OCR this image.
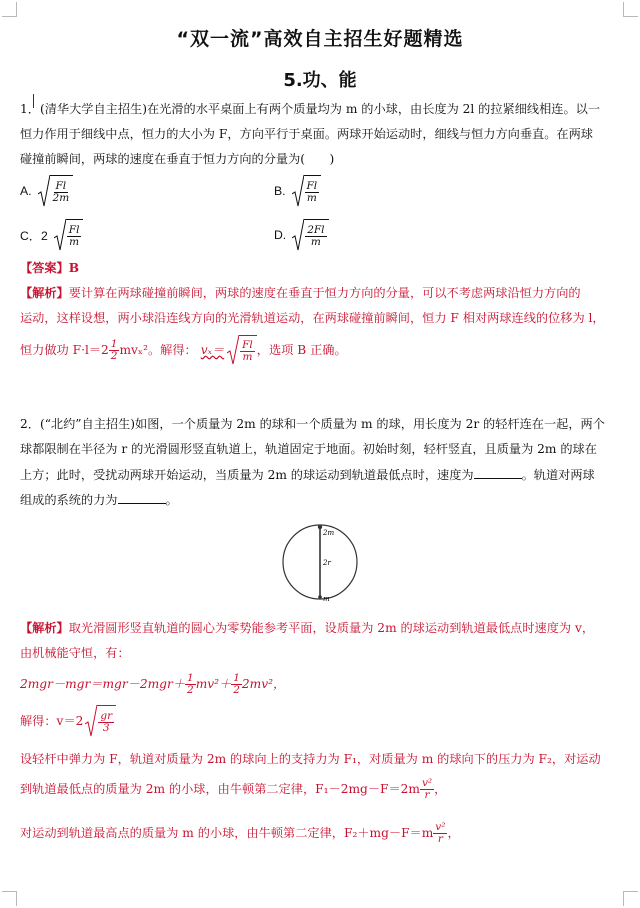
“双一流”高效自主招生好题精选
5.功、能
1．(清华大学自主招生)在光滑的水平桌面上有两个质量均为 m 的小球，由长度为 2l 的拉紧细线相连。以一
恒力作用于细线中点，恒力的大小为 F，方向平行于桌面。两球开始运动时，细线与恒力方向垂直。在两球
碰撞前瞬间，两球的速度在垂直于恒力方向的分量为(　　)
A. $\frac{Fl}{2m}$	B. $\frac{Fl}{m}$
C．$2 \frac{Fl}{m}$	D. $\frac{2Fl}{m}$
【答案】B
【解析】要计算在两球碰撞前瞬间，两球的速度在垂直于恒力方向的分量，可以不考虑两球沿恒力方向的
运动，这样设想，两小球沿连线方向的光滑轨道运动，在两球碰撞前瞬间，恒力 F 相对两球连线的位移为 l，
恒力做功 $F\cdot l=2 \frac{1}{2} mv_x^2$。解得： $v_x= \frac{Fl}{m}$ ，选项 B 正确。
2．(“北约”自主招生)如图，一个质量为 2m 的球和一个质量为 m 的球，用长度为 2r 的轻杆连在一起，两个
球都限制在半径为 r 的光滑圆形竖直轨道上，轨道固定于地面。初始时刻，轻杆竖直，且质量为 2m 的球在
上方；此时，受扰动两球开始运动，当质量为 2m 的球运动到轨道最低点时，速度为	。轨道对两球
组成的系统的力为	。
2m
2r
m
【解析】取光滑圆形竖直轨道的圆心为零势能参考平面，设质量为 2m 的球运动到轨道最低点时速度为 v，
由机械能守恒，有：
$2mgr-mgr=mgr-2mgr+ \frac{1}{2} mv^2+ \frac{1}{2} 2mv^2$，
解得：$v=2 \frac{gr}{3}$
设轻杆中弹力为 F，轨道对质量为 2m 的球向上的支持力为 F₁，对质量为 m 的球向下的压力为 F₂，对运动
到轨道最低点的质量为 2m 的小球，由牛顿第二定律，$F_1-2mg-F=2m \frac{\text{v²}}{r}$ ，
对运动到轨道最高点的质量为 m 的小球，由牛顿第二定律，$F_2+mg-F=m \frac{\text{v²}}{r}$ ，
